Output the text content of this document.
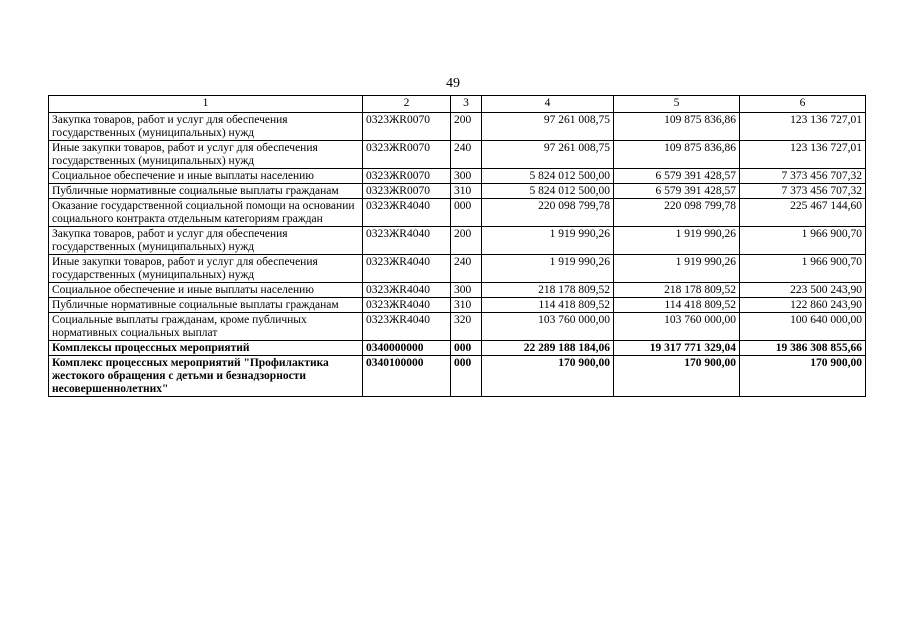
49
1	2	3	4	5	6
Закупка товаров, работ и услуг для обеспечения государственных (муниципальных) нужд	0323ЖR0070	200	97 261 008,75	109 875 836,86	123 136 727,01
Иные закупки товаров, работ и услуг для обеспечения государственных (муниципальных) нужд	0323ЖR0070	240	97 261 008,75	109 875 836,86	123 136 727,01
Социальное обеспечение и иные выплаты населению	0323ЖR0070	300	5 824 012 500,00	6 579 391 428,57	7 373 456 707,32
Публичные нормативные социальные выплаты гражданам	0323ЖR0070	310	5 824 012 500,00	6 579 391 428,57	7 373 456 707,32
Оказание государственной социальной помощи на основании социального контракта отдельным категориям граждан	0323ЖR4040	000	220 098 799,78	220 098 799,78	225 467 144,60
Закупка товаров, работ и услуг для обеспечения государственных (муниципальных) нужд	0323ЖR4040	200	1 919 990,26	1 919 990,26	1 966 900,70
Иные закупки товаров, работ и услуг для обеспечения государственных (муниципальных) нужд	0323ЖR4040	240	1 919 990,26	1 919 990,26	1 966 900,70
Социальное обеспечение и иные выплаты населению	0323ЖR4040	300	218 178 809,52	218 178 809,52	223 500 243,90
Публичные нормативные социальные выплаты гражданам	0323ЖR4040	310	114 418 809,52	114 418 809,52	122 860 243,90
Социальные выплаты гражданам, кроме публичных нормативных социальных выплат	0323ЖR4040	320	103 760 000,00	103 760 000,00	100 640 000,00
Комплексы процессных мероприятий	0340000000	000	22 289 188 184,06	19 317 771 329,04	19 386 308 855,66
Комплекс процессных мероприятий "Профилактика жестокого обращения с детьми и безнадзорности несовершеннолетних"	0340100000	000	170 900,00	170 900,00	170 900,00
